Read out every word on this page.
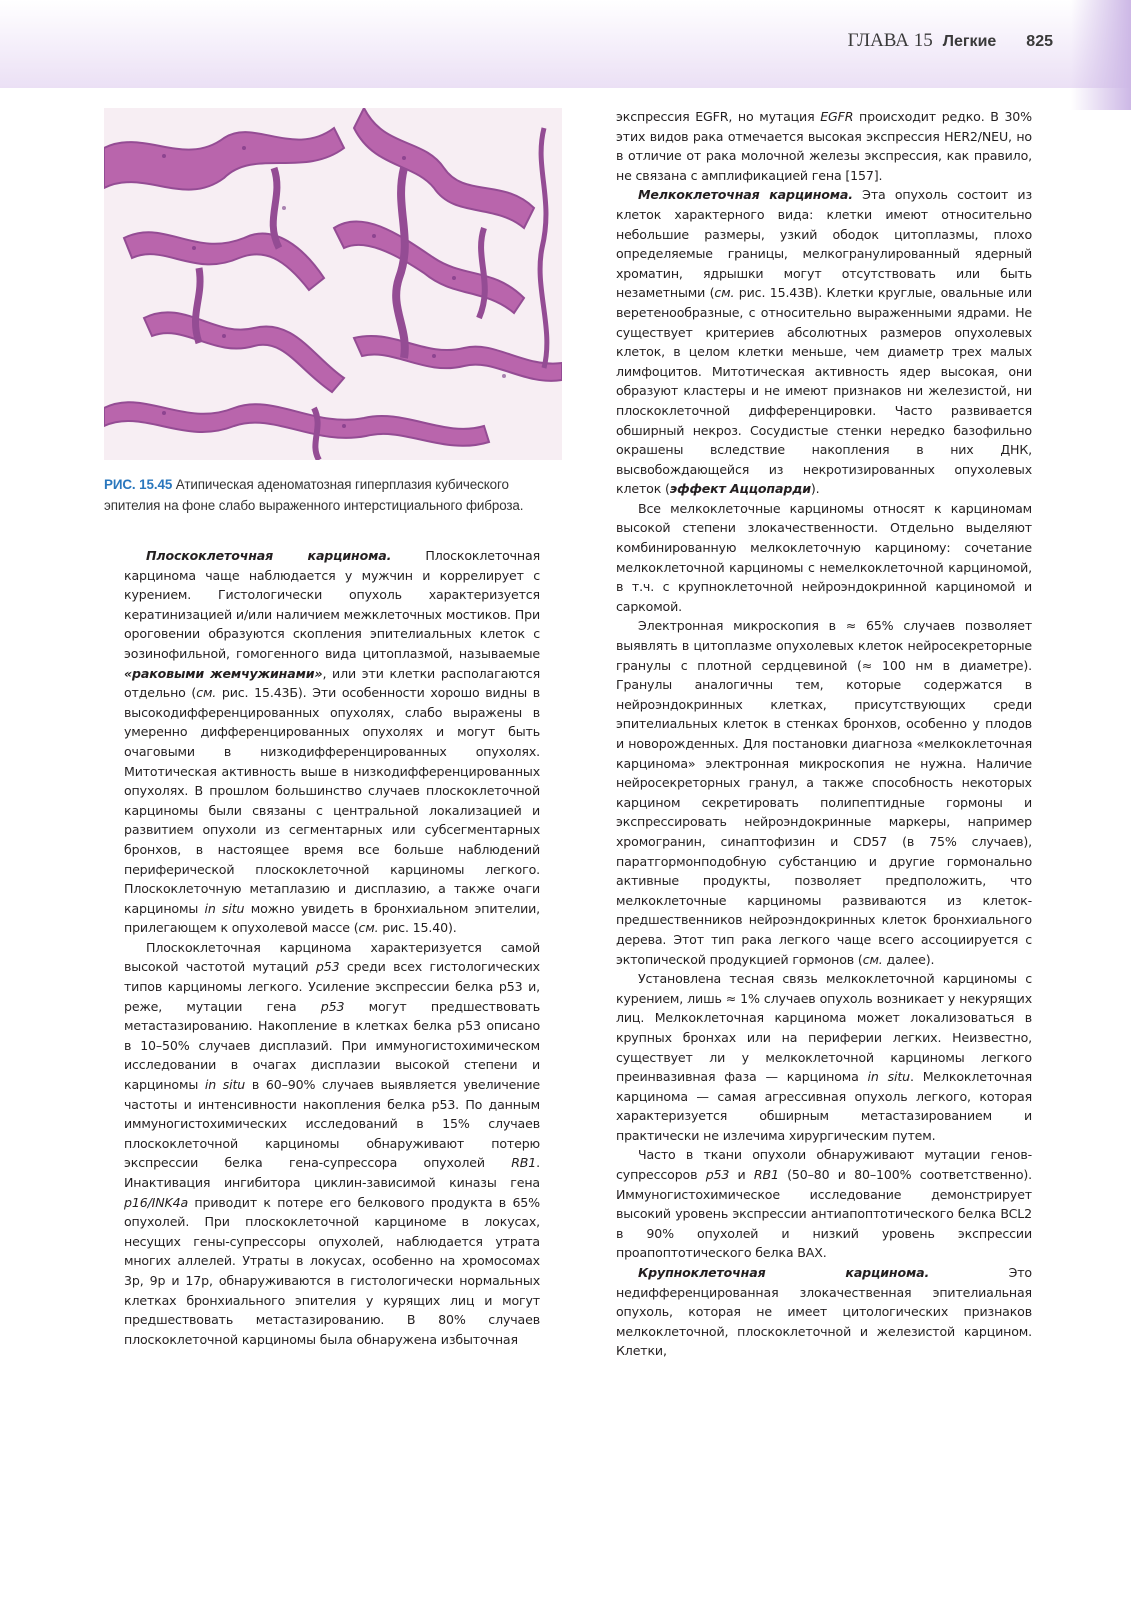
ГЛАВА 15 Легкие 825
РИС. 15.45 Атипическая аденоматозная гиперплазия кубического эпителия на фоне слабо выраженного интерстициального фиброза.

Плоскоклеточная карцинома. Плоскоклеточная карцинома чаще наблюдается у мужчин и коррелирует с курением. Гистологически опухоль характеризуется кератинизацией и/или наличием межклеточных мостиков. При ороговении образуются скопления эпителиальных клеток с эозинофильной, гомогенного вида цитоплазмой, называемые «раковыми жемчужинами», или эти клетки располагаются отдельно (см. рис. 15.43Б). Эти особенности хорошо видны в высокодифференцированных опухолях, слабо выражены в умеренно дифференцированных опухолях и могут быть очаговыми в низкодифференцированных опухолях. Митотическая активность выше в низкодифференцированных опухолях. В прошлом большинство случаев плоскоклеточной карциномы были связаны с центральной локализацией и развитием опухоли из сегментарных или субсегментарных бронхов, в настоящее время все больше наблюдений периферической плоскоклеточной карциномы легкого. Плоскоклеточную метаплазию и дисплазию, а также очаги карциномы in situ можно увидеть в бронхиальном эпителии, прилегающем к опухолевой массе (см. рис. 15.40).

Плоскоклеточная карцинома характеризуется самой высокой частотой мутаций p53 среди всех гистологических типов карциномы легкого. Усиление экспрессии белка p53 и, реже, мутации гена p53 могут предшествовать метастазированию. Накопление в клетках белка p53 описано в 10–50% случаев дисплазий. При иммуногистохимическом исследовании в очагах дисплазии высокой степени и карциномы in situ в 60–90% случаев выявляется увеличение частоты и интенсивности накопления белка p53. По данным иммуногистохимических исследований в 15% случаев плоскоклеточной карциномы обнаруживают потерю экспрессии белка гена-супрессора опухолей RB1. Инактивация ингибитора циклин-зависимой киназы гена p16/INK4a приводит к потере его белкового продукта в 65% опухолей. При плоскоклеточной карциноме в локусах, несущих гены-супрессоры опухолей, наблюдается утрата многих аллелей. Утраты в локусах, особенно на хромосомах 3p, 9p и 17p, обнаруживаются в гистологически нормальных клетках бронхиального эпителия у курящих лиц и могут предшествовать метастазированию. В 80% случаев плоскоклеточной карциномы была обнаружена избыточная

экспрессия EGFR, но мутация EGFR происходит редко. В 30% этих видов рака отмечается высокая экспрессия HER2/NEU, но в отличие от рака молочной железы экспрессия, как правило, не связана с амплификацией гена [157].

Мелкоклеточная карцинома. Эта опухоль состоит из клеток характерного вида: клетки имеют относительно небольшие размеры, узкий ободок цитоплазмы, плохо определяемые границы, мелкогранулированный ядерный хроматин, ядрышки могут отсутствовать или быть незаметными (см. рис. 15.43В). Клетки круглые, овальные или веретенообразные, с относительно выраженными ядрами. Не существует критериев абсолютных размеров опухолевых клеток, в целом клетки меньше, чем диаметр трех малых лимфоцитов. Митотическая активность ядер высокая, они образуют кластеры и не имеют признаков ни железистой, ни плоскоклеточной дифференцировки. Часто развивается обширный некроз. Сосудистые стенки нередко базофильно окрашены вследствие накопления в них ДНК, высвобождающейся из некротизированных опухолевых клеток (эффект Аццопарди).

Все мелкоклеточные карциномы относят к карциномам высокой степени злокачественности. Отдельно выделяют комбинированную мелкоклеточную карциному: сочетание мелкоклеточной карциномы с немелкоклеточной карциномой, в т.ч. с крупноклеточной нейроэндокринной карциномой и саркомой.

Электронная микроскопия в ≈ 65% случаев позволяет выявлять в цитоплазме опухолевых клеток нейросекреторные гранулы с плотной сердцевиной (≈ 100 нм в диаметре). Гранулы аналогичны тем, которые содержатся в нейроэндокринных клетках, присутствующих среди эпителиальных клеток в стенках бронхов, особенно у плодов и новорожденных. Для постановки диагноза «мелкоклеточная карцинома» электронная микроскопия не нужна. Наличие нейросекреторных гранул, а также способность некоторых карцином секретировать полипептидные гормоны и экспрессировать нейроэндокринные маркеры, например хромогранин, синаптофизин и CD57 (в 75% случаев), паратгормонподобную субстанцию и другие гормонально активные продукты, позволяет предположить, что мелкоклеточные карциномы развиваются из клеток-предшественников нейроэндокринных клеток бронхиального дерева. Этот тип рака легкого чаще всего ассоциируется с эктопической продукцией гормонов (см. далее).

Установлена тесная связь мелкоклеточной карциномы с курением, лишь ≈ 1% случаев опухоль возникает у некурящих лиц. Мелкоклеточная карцинома может локализоваться в крупных бронхах или на периферии легких. Неизвестно, существует ли у мелкоклеточной карциномы легкого преинвазивная фаза — карцинома in situ. Мелкоклеточная карцинома — самая агрессивная опухоль легкого, которая характеризуется обширным метастазированием и практически не излечима хирургическим путем.

Часто в ткани опухоли обнаруживают мутации генов-супрессоров p53 и RB1 (50–80 и 80–100% соответственно). Иммуногистохимическое исследование демонстрирует высокий уровень экспрессии антиапоптотического белка BCL2 в 90% опухолей и низкий уровень экспрессии проапоптотического белка BAX.

Крупноклеточная карцинома. Это недифференцированная злокачественная эпителиальная опухоль, которая не имеет цитологических признаков мелкоклеточной, плоскоклеточной и железистой карцином. Клетки,
